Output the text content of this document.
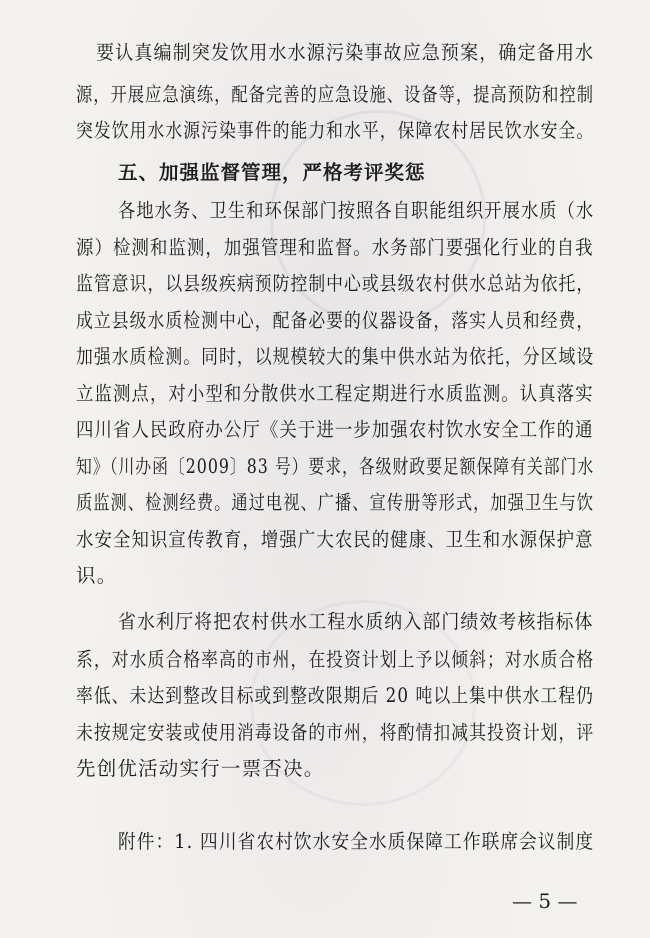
要认真编制突发饮用水水源污染事故应急预案，确定备用水
源，开展应急演练，配备完善的应急设施、设备等，提高预防和控制
突发饮用水水源污染事件的能力和水平，保障农村居民饮水安全。
五、加强监督管理，严格考评奖惩
各地水务、卫生和环保部门按照各自职能组织开展水质（水
源）检测和监测，加强管理和监督。水务部门要强化行业的自我
监管意识，以县级疾病预防控制中心或县级农村供水总站为依托，
成立县级水质检测中心，配备必要的仪器设备，落实人员和经费，
加强水质检测。同时，以规模较大的集中供水站为依托，分区域设
立监测点，对小型和分散供水工程定期进行水质监测。认真落实
四川省人民政府办公厅《关于进一步加强农村饮水安全工作的通
知》（川办函〔2009〕83 号）要求，各级财政要足额保障有关部门水
质监测、检测经费。通过电视、广播、宣传册等形式，加强卫生与饮
水安全知识宣传教育，增强广大农民的健康、卫生和水源保护意
识。
省水利厅将把农村供水工程水质纳入部门绩效考核指标体
系，对水质合格率高的市州，在投资计划上予以倾斜；对水质合格
率低、未达到整改目标或到整改限期后 20 吨以上集中供水工程仍
未按规定安装或使用消毒设备的市州，将酌情扣减其投资计划，评
先创优活动实行一票否决。
附件：1. 四川省农村饮水安全水质保障工作联席会议制度
— 5 —
